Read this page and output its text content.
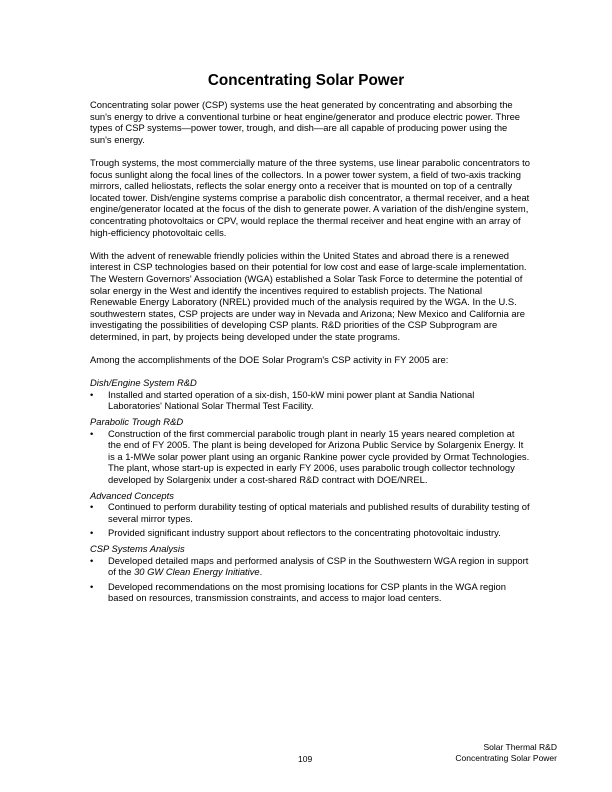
Concentrating Solar Power

Concentrating solar power (CSP) systems use the heat generated by concentrating and absorbing the sun's energy to drive a conventional turbine or heat engine/generator and produce electric power. Three types of CSP systems—power tower, trough, and dish—are all capable of producing power using the sun's energy.

Trough systems, the most commercially mature of the three systems, use linear parabolic concentrators to focus sunlight along the focal lines of the collectors. In a power tower system, a field of two-axis tracking mirrors, called heliostats, reflects the solar energy onto a receiver that is mounted on top of a centrally located tower. Dish/engine systems comprise a parabolic dish concentrator, a thermal receiver, and a heat engine/generator located at the focus of the dish to generate power. A variation of the dish/engine system, concentrating photovoltaics or CPV, would replace the thermal receiver and heat engine with an array of high-efficiency photovoltaic cells.

With the advent of renewable friendly policies within the United States and abroad there is a renewed interest in CSP technologies based on their potential for low cost and ease of large-scale implementation. The Western Governors' Association (WGA) established a Solar Task Force to determine the potential of solar energy in the West and identify the incentives required to establish projects. The National Renewable Energy Laboratory (NREL) provided much of the analysis required by the WGA. In the U.S. southwestern states, CSP projects are under way in Nevada and Arizona; New Mexico and California are investigating the possibilities of developing CSP plants. R&D priorities of the CSP Subprogram are determined, in part, by projects being developed under the state programs.

Among the accomplishments of the DOE Solar Program's CSP activity in FY 2005 are:

Dish/Engine System R&D
• Installed and started operation of a six-dish, 150-kW mini power plant at Sandia National Laboratories' National Solar Thermal Test Facility.
Parabolic Trough R&D
• Construction of the first commercial parabolic trough plant in nearly 15 years neared completion at the end of FY 2005. The plant is being developed for Arizona Public Service by Solargenix Energy. It is a 1-MWe solar power plant using an organic Rankine power cycle provided by Ormat Technologies. The plant, whose start-up is expected in early FY 2006, uses parabolic trough collector technology developed by Solargenix under a cost-shared R&D contract with DOE/NREL.
Advanced Concepts
• Continued to perform durability testing of optical materials and published results of durability testing of several mirror types.
• Provided significant industry support about reflectors to the concentrating photovoltaic industry.
CSP Systems Analysis
• Developed detailed maps and performed analysis of CSP in the Southwestern WGA region in support of the 30 GW Clean Energy Initiative.
• Developed recommendations on the most promising locations for CSP plants in the WGA region based on resources, transmission constraints, and access to major load centers.
109
Solar Thermal R&D
Concentrating Solar Power
